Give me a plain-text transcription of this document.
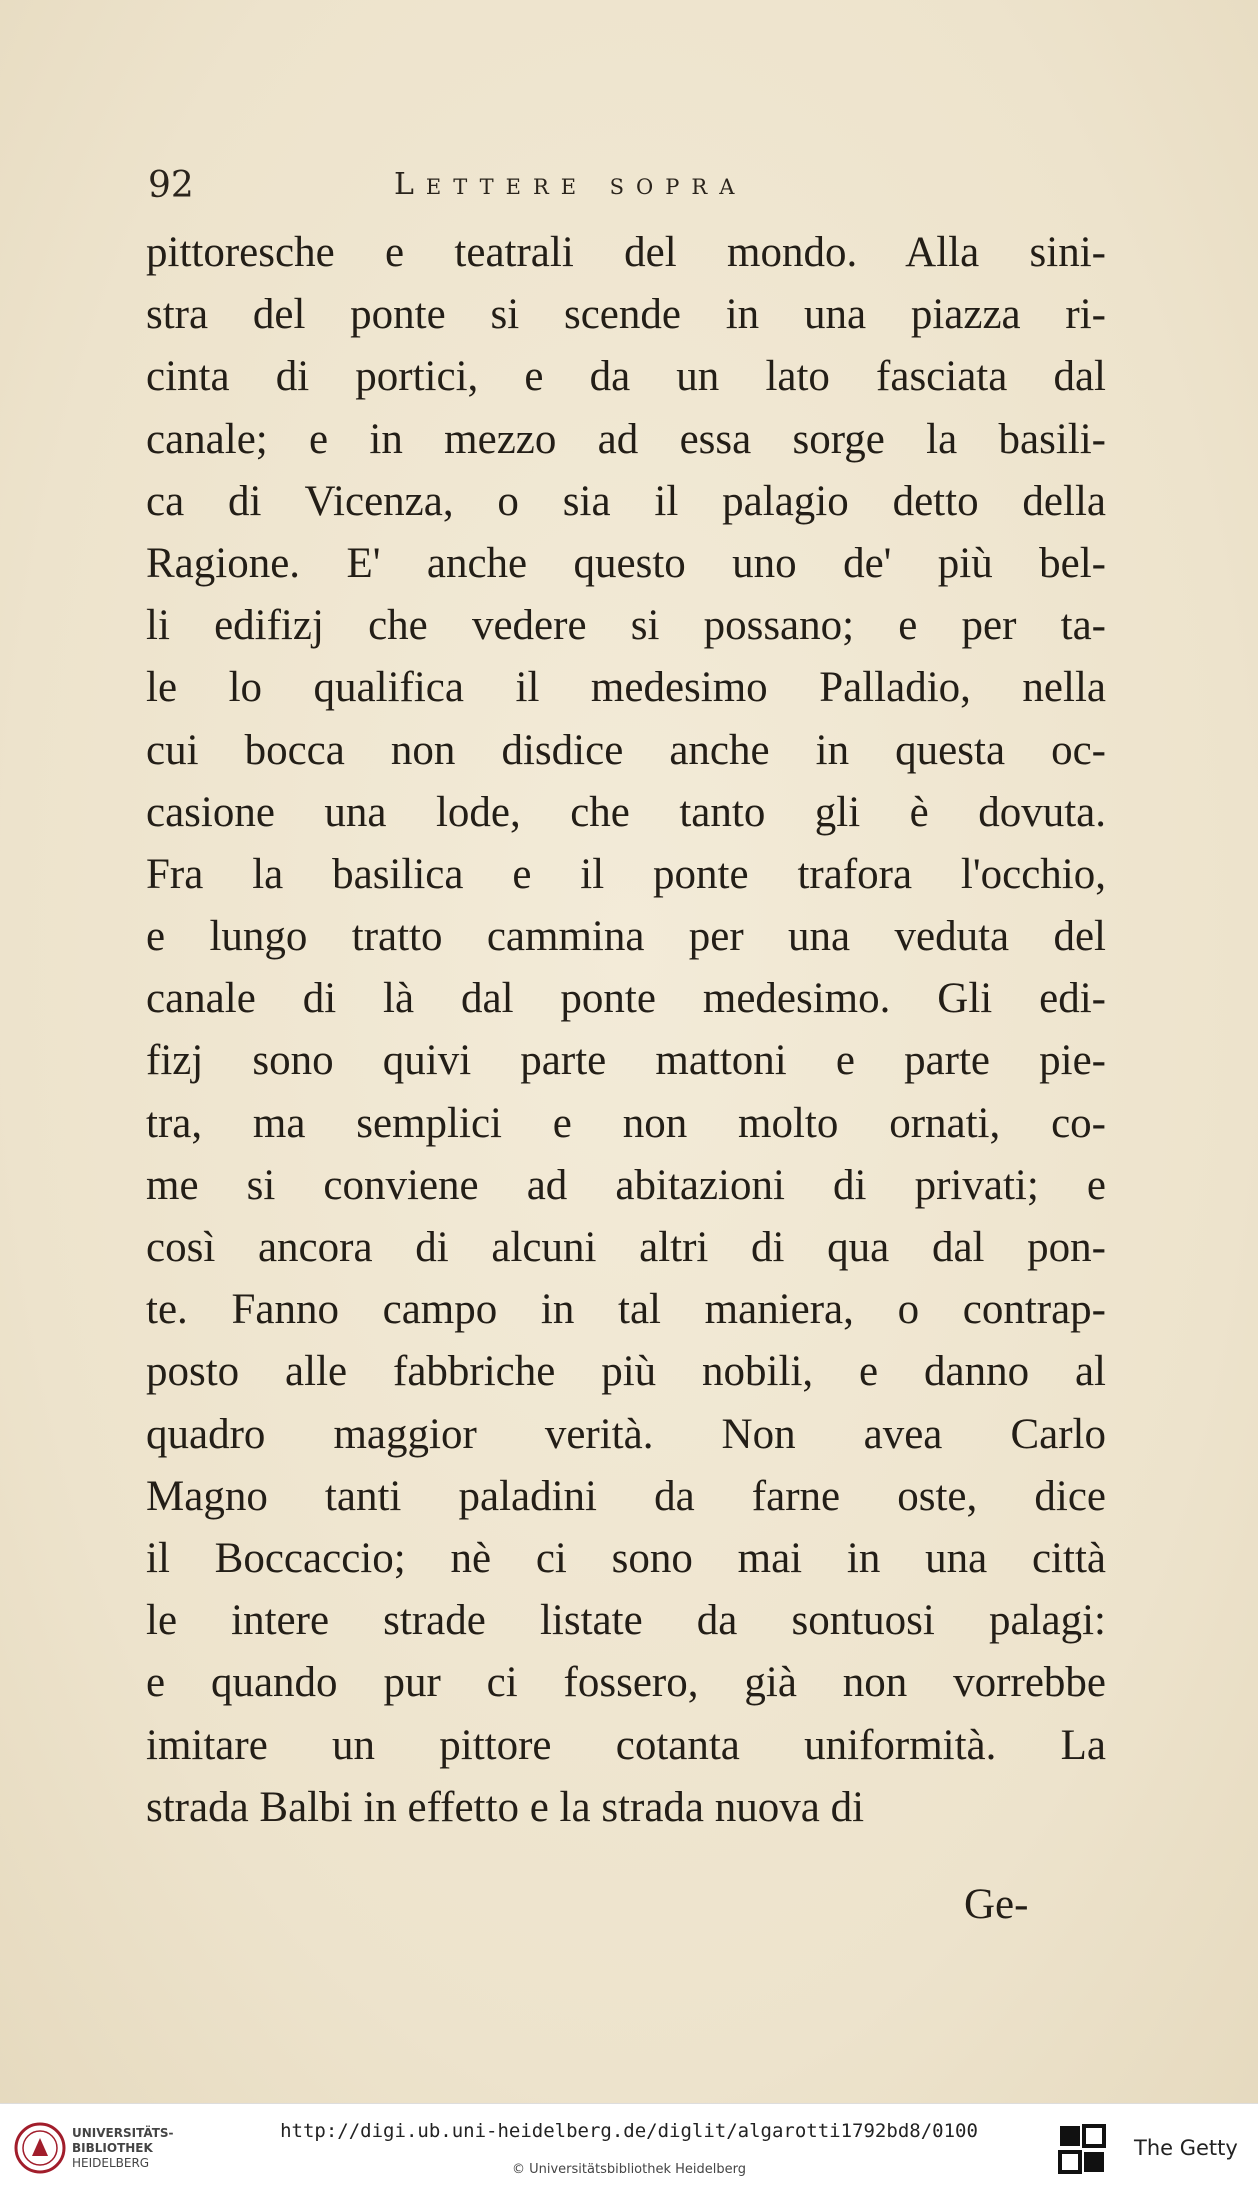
92	Lettere sopra
pittoresche e teatrali del mondo. Alla sini-
stra del ponte si scende in una piazza ri-
cinta di portici, e da un lato fasciata dal
canale; e in mezzo ad essa sorge la basili-
ca di Vicenza, o sia il palagio detto della
Ragione. E' anche questo uno de' più bel-
li edifizj che vedere si possano; e per ta-
le lo qualifica il medesimo Palladio, nella
cui bocca non disdice anche in questa oc-
casione una lode, che tanto gli è dovuta.
Fra la basilica e il ponte trafora l'occhio,
e lungo tratto cammina per una veduta del
canale di là dal ponte medesimo. Gli edi-
fizj sono quivi parte mattoni e parte pie-
tra, ma semplici e non molto ornati, co-
me si conviene ad abitazioni di privati; e
così ancora di alcuni altri di qua dal pon-
te. Fanno campo in tal maniera, o contrap-
posto alle fabbriche più nobili, e danno al
quadro maggior verità. Non avea Carlo
Magno tanti paladini da farne oste, dice
il Boccaccio; nè ci sono mai in una città
le intere strade listate da sontuosi palagi:
e quando pur ci fossero, già non vorrebbe
imitare un pittore cotanta uniformità. La
strada Balbi in effetto e la strada nuova di
Ge-
UNIVERSITÄTS-
BIBLIOTHEK
HEIDELBERG
The Getty
http://digi.ub.uni-heidelberg.de/diglit/algarotti1792bd8/0100
© Universitätsbibliothek Heidelberg
